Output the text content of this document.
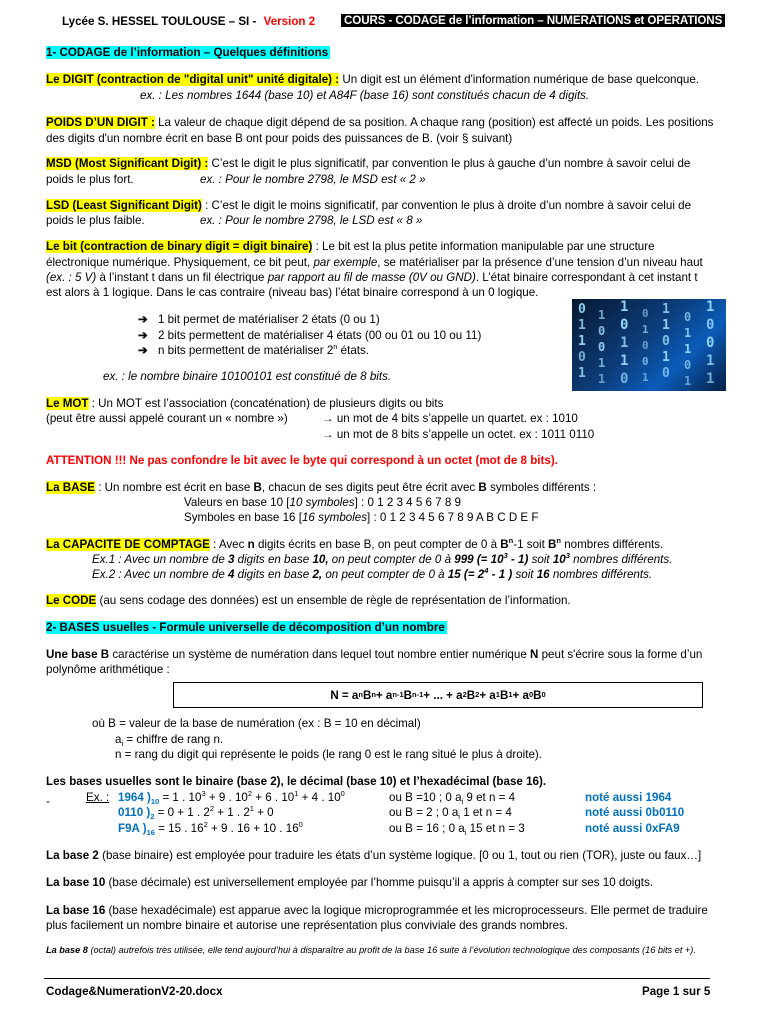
Lycée S. HESSEL TOULOUSE – SI - Version 2 COURS - CODAGE de l’information – NUMERATIONS et OPERATIONS
1- CODAGE de l’information – Quelques définitions
Le DIGIT (contraction de "digital unit" unité digitale) : Un digit est un élément d'information numérique de base quelconque.
ex. : Les nombres 1644 (base 10) et A84F (base 16) sont constitués chacun de 4 digits.
POIDS D’UN DIGIT : La valeur de chaque digit dépend de sa position. A chaque rang (position) est affecté un poids. Les positions
des digits d'un nombre écrit en base B ont pour poids des puissances de B. (voir § suivant)
MSD (Most Significant Digit) : C’est le digit le plus significatif, par convention le plus à gauche d’un nombre à savoir celui de
poids le plus fort.	ex. : Pour le nombre 2798, le MSD est « 2 »
LSD (Least Significant Digit) : C’est le digit le moins significatif, par convention le plus à droite d’un nombre à savoir celui de
poids le plus faible.	ex. : Pour le nombre 2798, le LSD est « 8 »
Le bit (contraction de binary digit = digit binaire) : Le bit est la plus petite information manipulable par une structure
électronique numérique. Physiquement, ce bit peut, par exemple, se matérialiser par la présence d’une tension d’un niveau haut
(ex. : 5 V) à l’instant t dans un fil électrique par rapport au fil de masse (0V ou GND). L’état binaire correspondant à cet instant t
est alors à 1 logique. Dans le cas contraire (niveau bas) l’état binaire correspond à un 0 logique.
➔ 1 bit permet de matérialiser 2 états (0 ou 1)
➔ 2 bits permettent de matérialiser 4 états (00 ou 01 ou 10 ou 11)
➔ n bits permettent de matérialiser 2$^n$ états.
0
1
1
0
1
1
0
0
1
1
1
0
1
1
0
0
1
0
0
1
1
1
0
1
0
0
1
1
0
1
1
0
0
1
1
ex. : le nombre binaire 10100101 est constitué de 8 bits.
Le MOT : Un MOT est l’association (concaténation) de plusieurs digits ou bits
(peut être aussi appelé courant un « nombre »)	→ un mot de 4 bits s’appelle un quartet. ex : 1010
→ un mot de 8 bits s’appelle un octet. ex : 1011 0110
ATTENTION !!! Ne pas confondre le bit avec le byte qui correspond à un octet (mot de 8 bits).
La BASE : Un nombre est écrit en base B, chacun de ses digits peut être écrit avec B symboles différents :
Valeurs en base 10 [10 symboles] : 0 1 2 3 4 5 6 7 8 9
Symboles en base 16 [16 symboles] : 0 1 2 3 4 5 6 7 8 9 A B C D E F
La CAPACITE DE COMPTAGE : Avec n digits écrits en base B, on peut compter de 0 à $B^n-1$ soit $B^n$ nombres différents.
Ex.1 : Avec un nombre de 3 digits en base 10, on peut compter de 0 à 999 (= $10^3 - 1$) soit $10^3$ nombres différents.
Ex.2 : Avec un nombre de 4 digits en base 2, on peut compter de 0 à 15 (= $2^4 - 1$ ) soit 16 nombres différents.
Le CODE (au sens codage des données) est un ensemble de règle de représentation de l’information.
2- BASES usuelles - Formule universelle de décomposition d’un nombre
Une base B caractérise un système de numération dans lequel tout nombre entier numérique N peut s'écrire sous la forme d’un
polynôme arithmétique :
N = a n B n + a n-1 B n-1 + ... + a 2 B 2 + a 1 B 1 + a 0 B 0
où B = valeur de la base de numération (ex : B = 10 en décimal)
$a_i$ = chiffre de rang n.
n = rang du digit qui représente le poids (le rang 0 est le rang situé le plus à droite).
Les bases usuelles sont le binaire (base 2), le décimal (base 10) et l’hexadécimal (base 16).
-	Ex. : 1964 )$_{10} = 1$ . $10^3 + 9$ . $10^2 + 6$ . $10^1 + 4$ . $10^0$	ou B =10 ; 0 $a_i$ 9 et n = 4	noté aussi 1964
0110 )$_2 = 0 + 1$ . $2^2 + 1$ . $2^1 + 0$	ou B = 2 ; 0 $a_i$ 1 et n = 4	noté aussi 0b0110
F9A )$_{16} = 15$ . $16^2 + 9$ . 16 + 10 . $16^0$	ou B = 16 ; 0 $a_i$ 15 et n = 3	noté aussi 0xFA9
La base 2 (base binaire) est employée pour traduire les états d’un système logique. [0 ou 1, tout ou rien (TOR), juste ou faux…]
La base 10 (base décimale) est universellement employée par l’homme puisqu’il a appris à compter sur ses 10 doigts.
La base 16 (base hexadécimale) est apparue avec la logique microprogrammée et les microprocesseurs. Elle permet de traduire
plus facilement un nombre binaire et autorise une représentation plus conviviale des grands nombres.
La base 8 (octal) autrefois très utilisée, elle tend aujourd’hui à disparaître au profit de la base 16 suite à l’évolution technologique des composants (16 bits et +).
Codage&NumerationV2-20.docx	Page 1 sur 5
